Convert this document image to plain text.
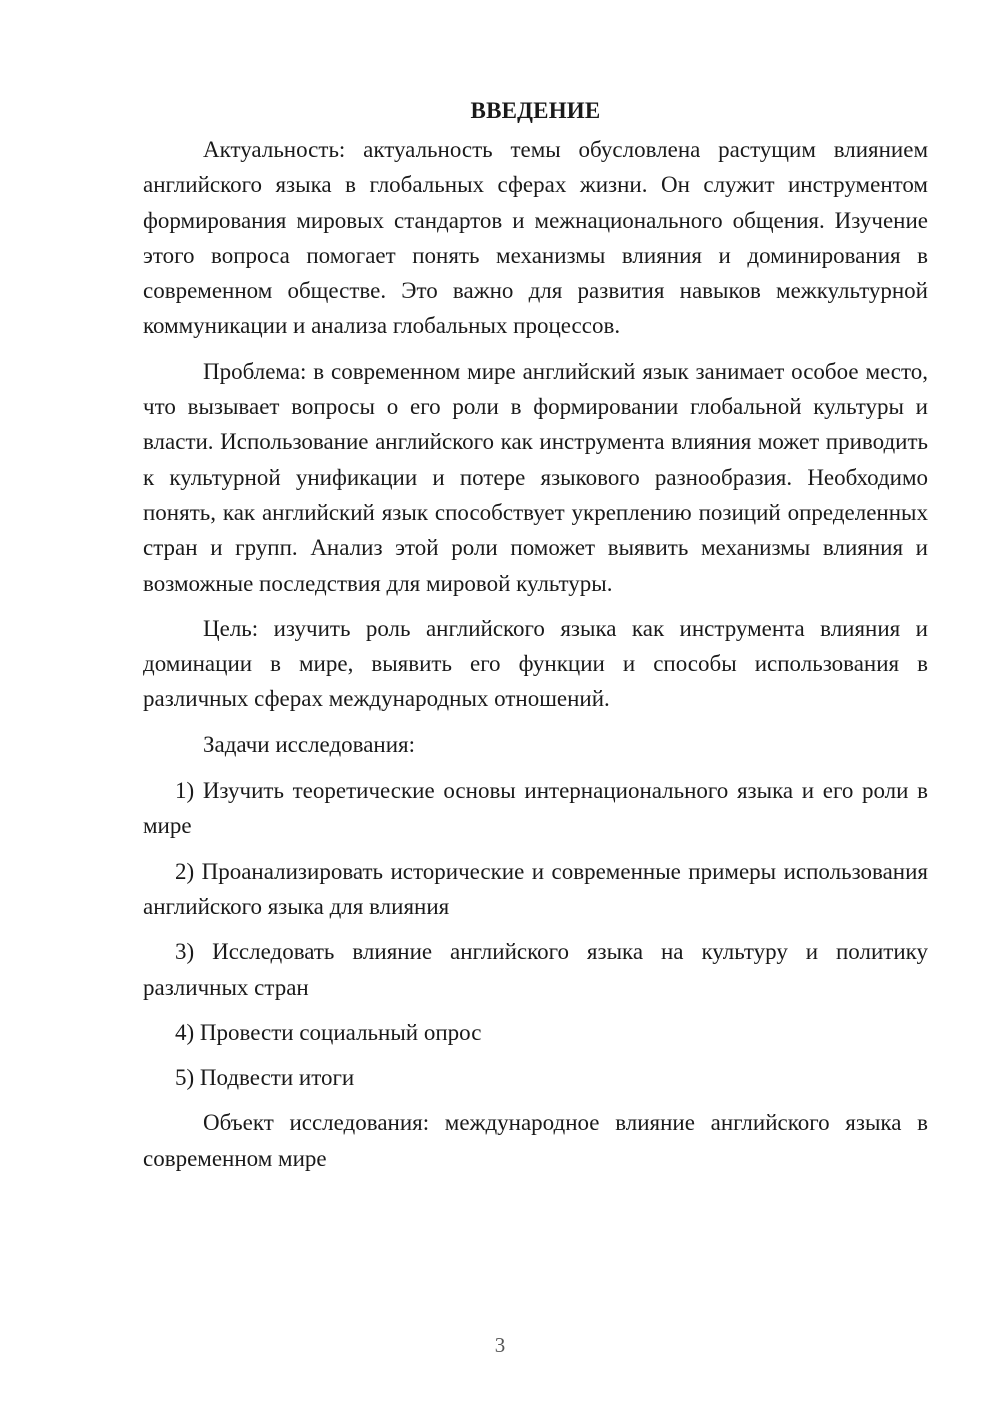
ВВЕДЕНИЕ

Актуальность: актуальность темы обусловлена растущим влиянием английского языка в глобальных сферах жизни. Он служит инструментом формирования мировых стандартов и межнационального общения. Изучение этого вопроса помогает понять механизмы влияния и доминирования в современном обществе. Это важно для развития навыков межкультурной коммуникации и анализа глобальных процессов.

Проблема: в современном мире английский язык занимает особое место, что вызывает вопросы о его роли в формировании глобальной культуры и власти. Использование английского как инструмента влияния может приводить к культурной унификации и потере языкового разнообразия. Необходимо понять, как английский язык способствует укреплению позиций определенных стран и групп. Анализ этой роли поможет выявить механизмы влияния и возможные последствия для мировой культуры.

Цель: изучить роль английского языка как инструмента влияния и доминации в мире, выявить его функции и способы использования в различных сферах международных отношений.

Задачи исследования:

1) Изучить теоретические основы интернационального языка и его роли в мире

2) Проанализировать исторические и современные примеры использования английского языка для влияния

3) Исследовать влияние английского языка на культуру и политику различных стран

4) Провести социальный опрос

5) Подвести итоги

Объект исследования: международное влияние английского языка в современном мире

3
